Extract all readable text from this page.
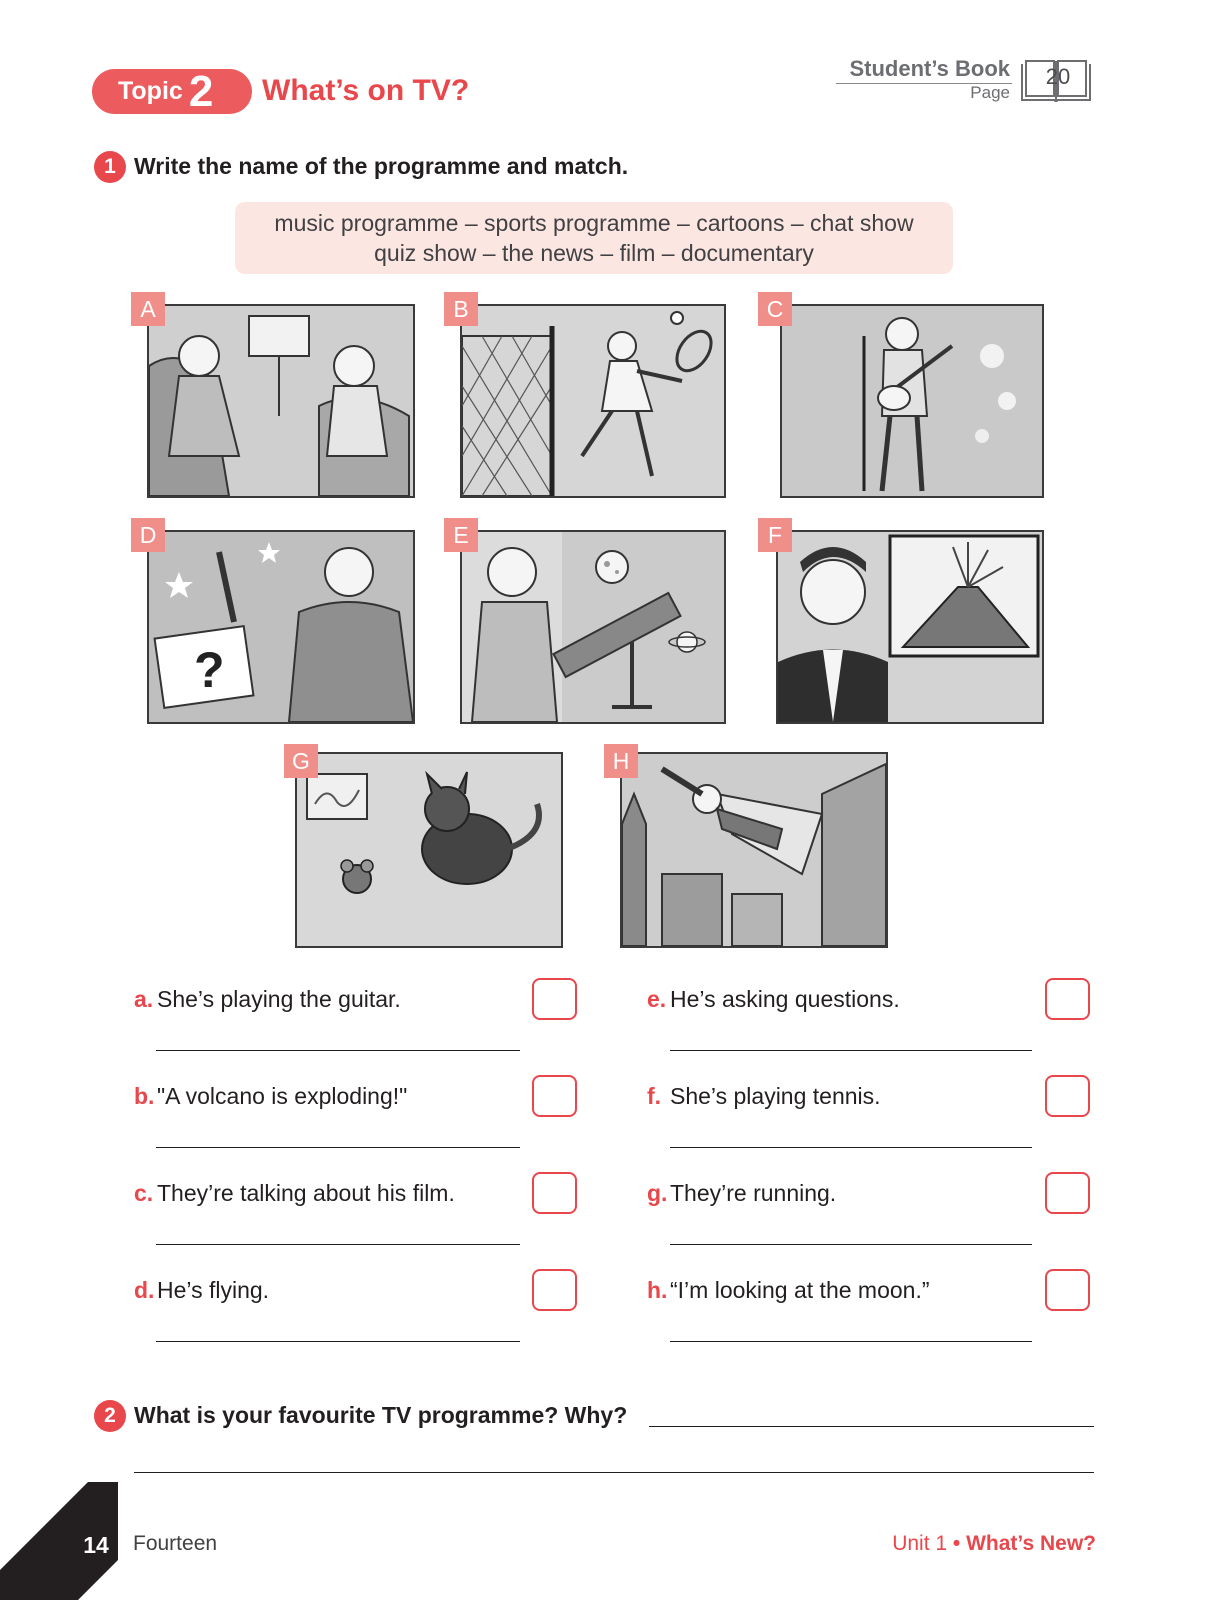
Topic 2 What’s on TV?
Student’s Book
Page
20
1 Write the name of the programme and match.
music programme – sports programme – cartoons – chat show
quiz show – the news – film – documentary
A	B	C
?
D	E	F
G	H
a. She’s playing the guitar.
b. "A volcano is exploding!"
c. They’re talking about his film.
d. He’s flying.
e. He’s asking questions.
f. She’s playing tennis.
g. They’re running.
h. “I’m looking at the moon.”
2 What is your favourite TV programme? Why?
14	Fourteen	Unit 1 • What’s New?
